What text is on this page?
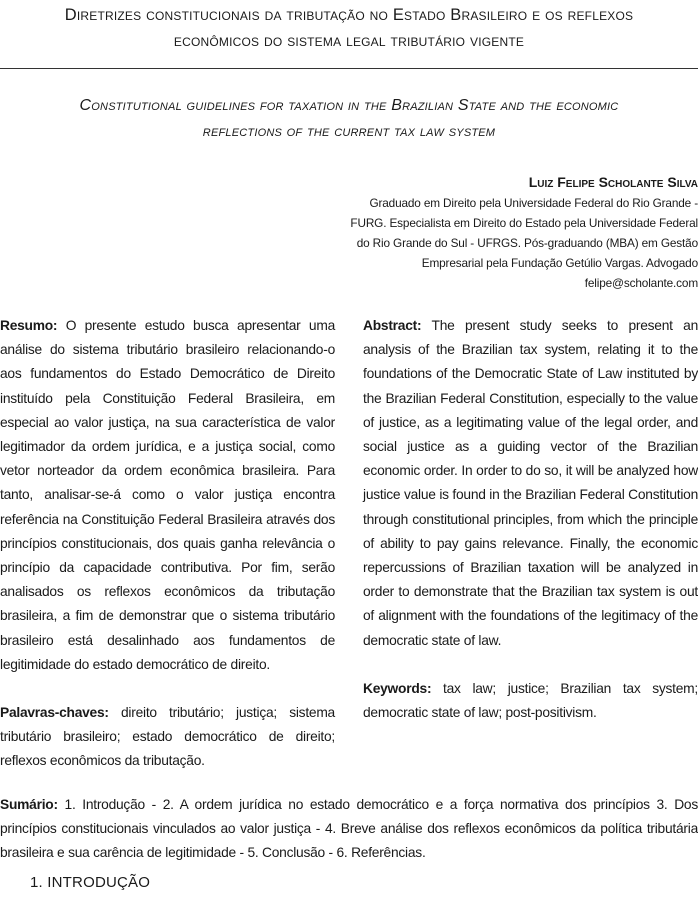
Diretrizes constitucionais da tributação no Estado Brasileiro e os reflexos
econômicos do sistema legal tributário vigente
Constitutional guidelines for taxation in the Brazilian State and the economic
reflections of the current tax law system
Luiz Felipe Scholante Silva
Graduado em Direito pela Universidade Federal do Rio Grande -
FURG. Especialista em Direito do Estado pela Universidade Federal
do Rio Grande do Sul - UFRGS. Pós-graduando (MBA) em Gestão
Empresarial pela Fundação Getúlio Vargas. Advogado
felipe@scholante.com

Resumo: O presente estudo busca apresentar uma análise do sistema tributário brasileiro relacionando-o aos fundamentos do Estado Democrático de Direito instituído pela Constituição Federal Brasileira, em especial ao valor justiça, na sua característica de valor legitimador da ordem jurídica, e a justiça social, como vetor norteador da ordem econômica brasileira. Para tanto, analisar-se-á como o valor justiça encontra referência na Constituição Federal Brasileira através dos princípios constitucionais, dos quais ganha relevância o princípio da capacidade contributiva. Por fim, serão analisados os reflexos econômicos da tributação brasileira, a fim de demonstrar que o sistema tributário brasileiro está desalinhado aos fundamentos de legitimidade do estado democrático de direito.

Palavras-chaves: direito tributário; justiça; sistema tributário brasileiro; estado democrático de direito; reflexos econômicos da tributação.

Abstract: The present study seeks to present an analysis of the Brazilian tax system, relating it to the foundations of the Democratic State of Law instituted by the Brazilian Federal Constitution, especially to the value of justice, as a legitimating value of the legal order, and social justice as a guiding vector of the Brazilian economic order. In order to do so, it will be analyzed how justice value is found in the Brazilian Federal Constitution through constitutional principles, from which the principle of ability to pay gains relevance. Finally, the economic repercussions of Brazilian taxation will be analyzed in order to demonstrate that the Brazilian tax system is out of alignment with the foundations of the legitimacy of the democratic state of law.

Keywords: tax law; justice; Brazilian tax system; democratic state of law; post-positivism.

Sumário: 1. Introdução - 2. A ordem jurídica no estado democrático e a força normativa dos princípios 3. Dos princípios constitucionais vinculados ao valor justiça - 4. Breve análise dos reflexos econômicos da política tributária brasileira e sua carência de legitimidade - 5. Conclusão - 6. Referências.
1. INTRODUÇÃO
